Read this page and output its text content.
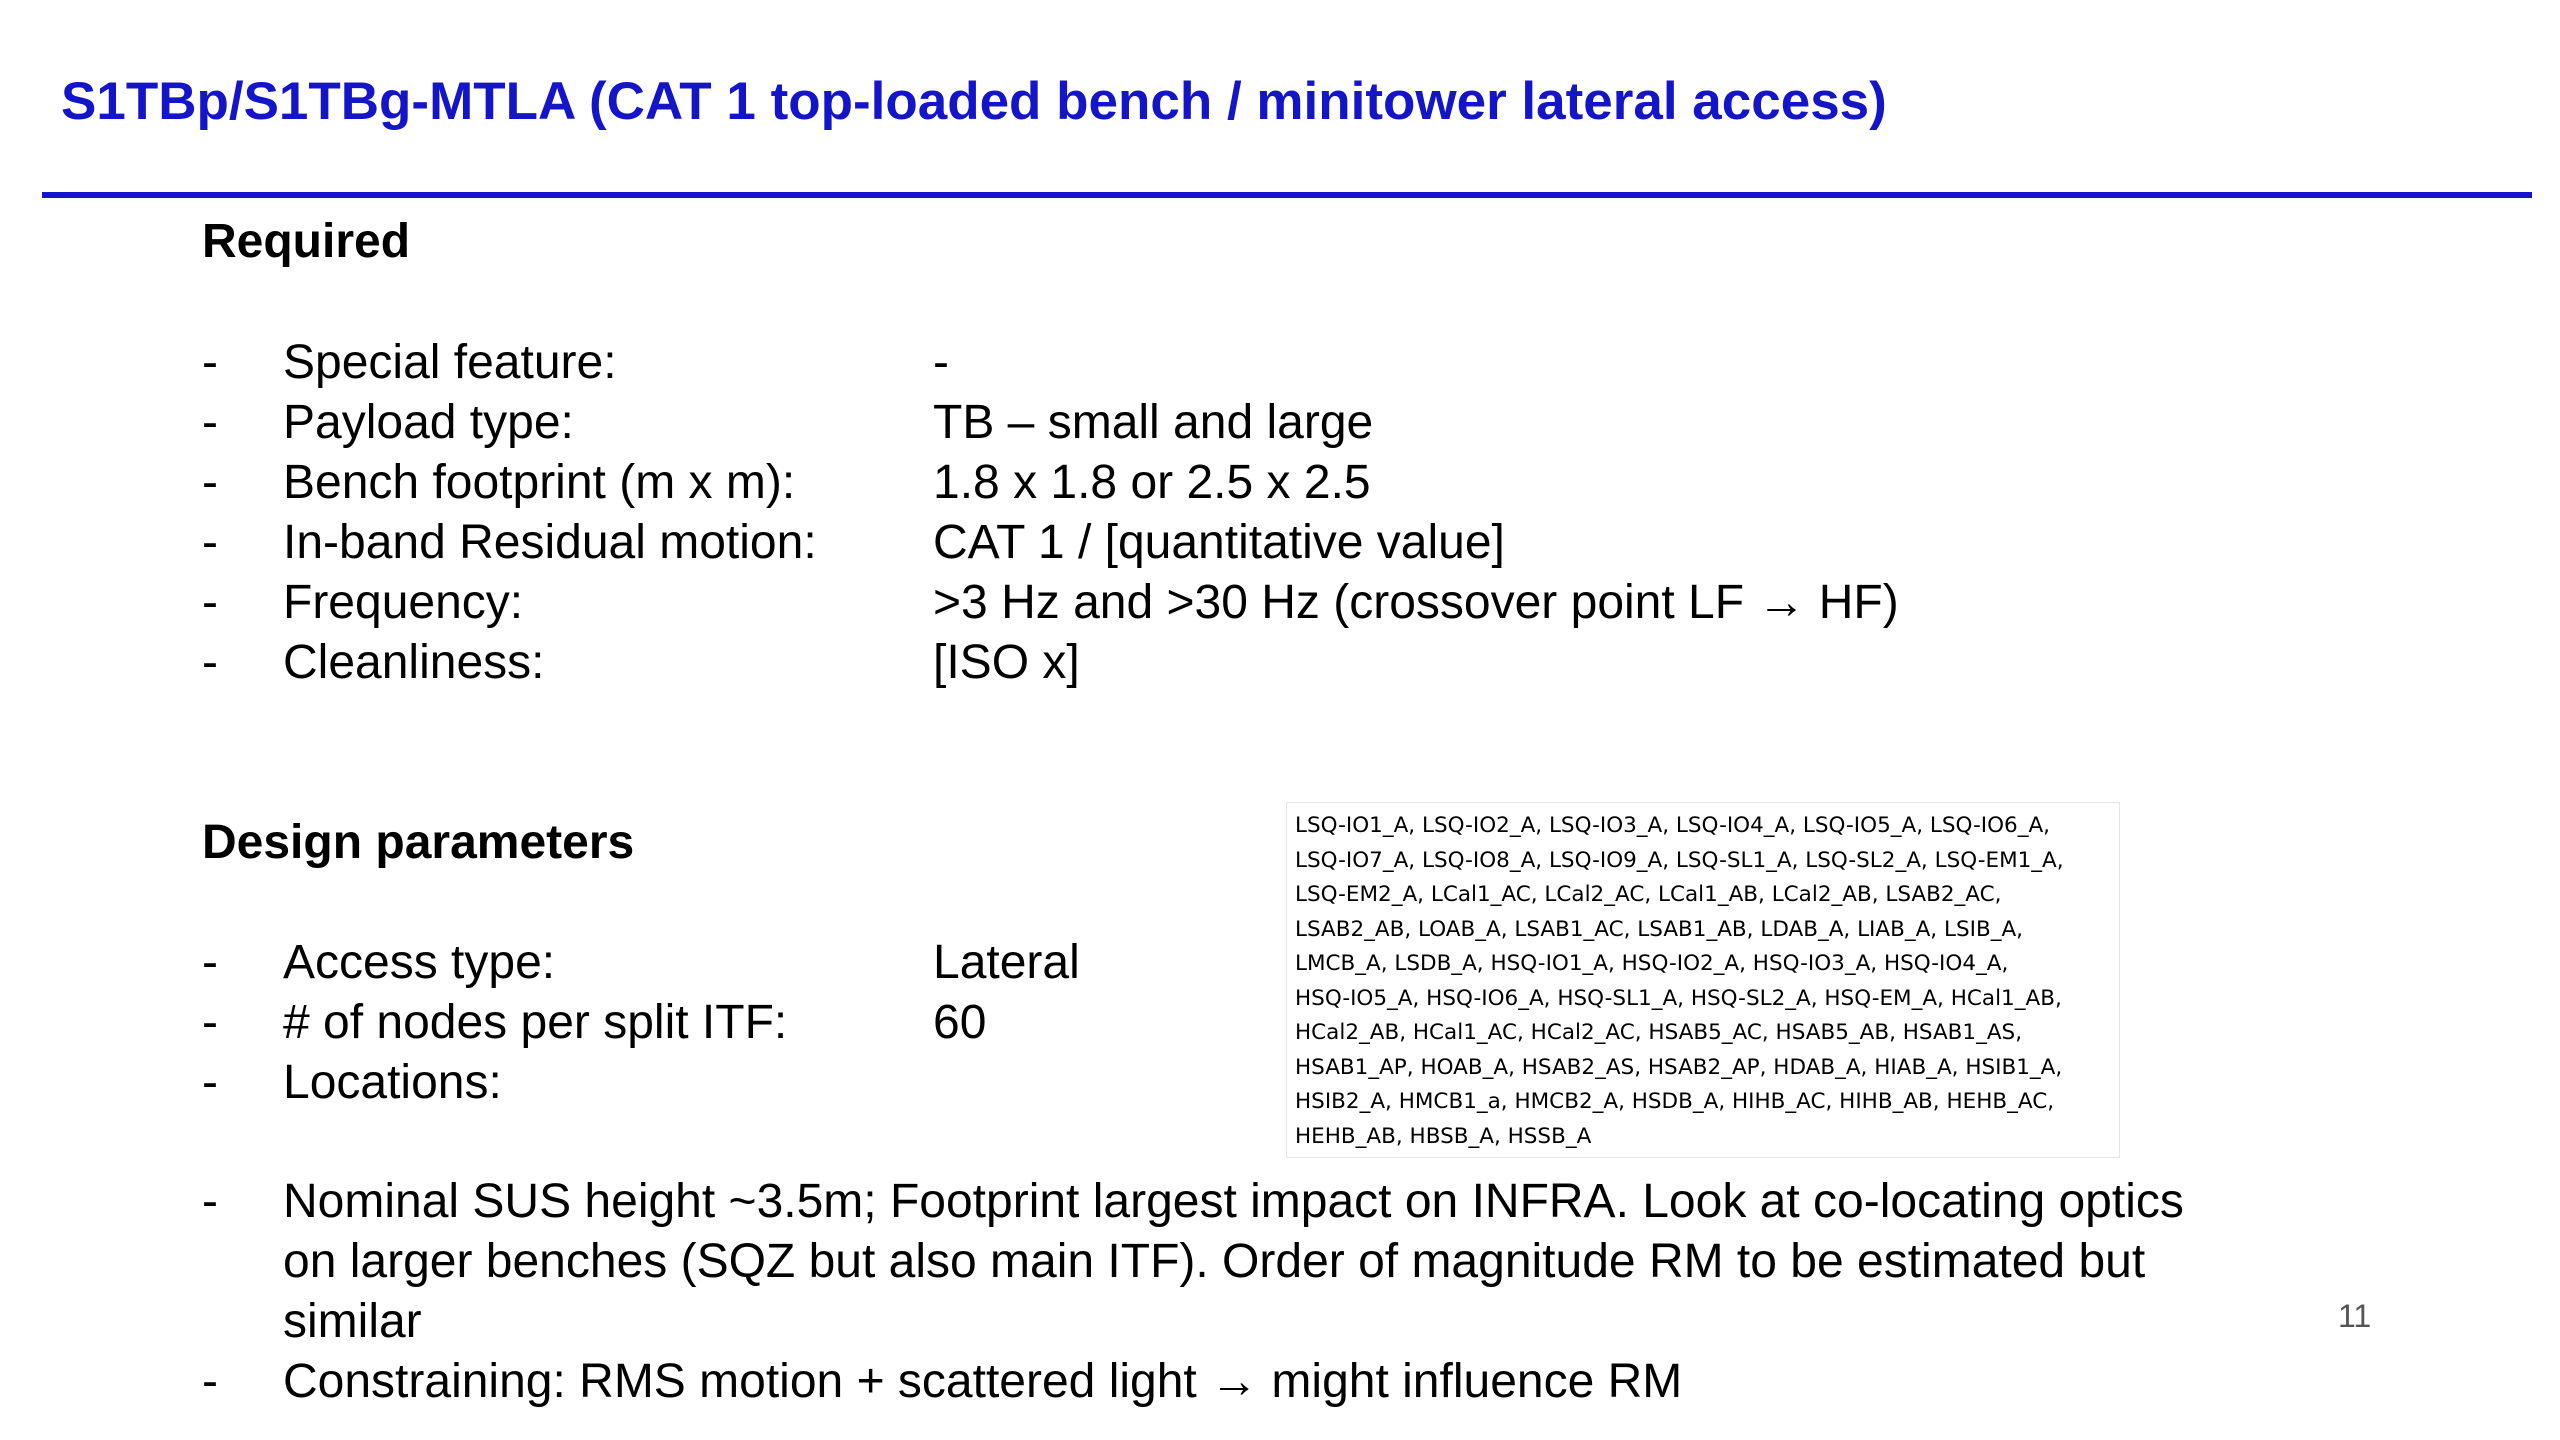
S1TBp/S1TBg-MTLA (CAT 1 top-loaded bench / minitower lateral access)
Required
- Special feature:	-
- Payload type:	TB – small and large
- Bench footprint (m x m):	1.8 x 1.8 or 2.5 x 2.5
- In-band Residual motion: CAT 1 / [quantitative value]
- Frequency:	>3 Hz and >30 Hz (crossover point LF → HF)
- Cleanliness:	[ISO x]
Design parameters
- Access type:	Lateral
- # of nodes per split ITF:	60
- Locations:
LSQ-IO1_A, LSQ-IO2_A, LSQ-IO3_A, LSQ-IO4_A, LSQ-IO5_A, LSQ-IO6_A,
LSQ-IO7_A, LSQ-IO8_A, LSQ-IO9_A, LSQ-SL1_A, LSQ-SL2_A, LSQ-EM1_A,
LSQ-EM2_A, LCal1_AC, LCal2_AC, LCal1_AB, LCal2_AB, LSAB2_AC,
LSAB2_AB, LOAB_A, LSAB1_AC, LSAB1_AB, LDAB_A, LIAB_A, LSIB_A,
LMCB_A, LSDB_A, HSQ-IO1_A, HSQ-IO2_A, HSQ-IO3_A, HSQ-IO4_A,
HSQ-IO5_A, HSQ-IO6_A, HSQ-SL1_A, HSQ-SL2_A, HSQ-EM_A, HCal1_AB,
HCal2_AB, HCal1_AC, HCal2_AC, HSAB5_AC, HSAB5_AB, HSAB1_AS,
HSAB1_AP, HOAB_A, HSAB2_AS, HSAB2_AP, HDAB_A, HIAB_A, HSIB1_A,
HSIB2_A, HMCB1_a, HMCB2_A, HSDB_A, HIHB_AC, HIHB_AB, HEHB_AC,
HEHB_AB, HBSB_A, HSSB_A
- Nominal SUS height ~3.5m; Footprint largest impact on INFRA. Look at co-locating optics
on larger benches (SQZ but also main ITF). Order of magnitude RM to be estimated but
similar
- Constraining: RMS motion + scattered light → might influence RM
11
